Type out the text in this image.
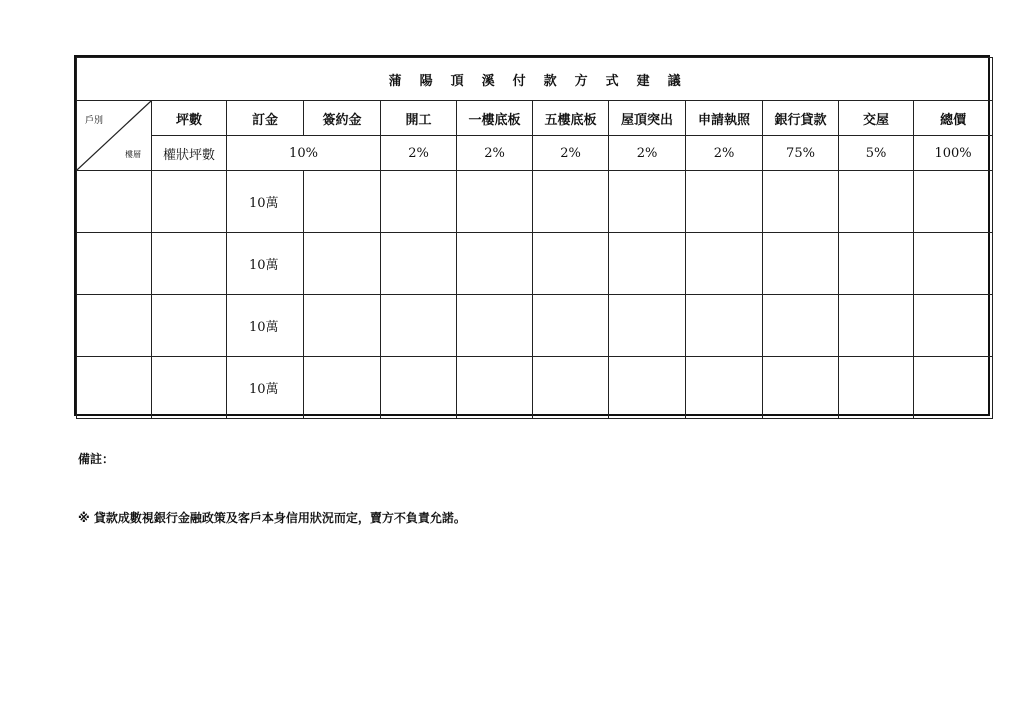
蒲陽頂溪付款方式建議											

戶別
樓層	坪數	訂金	簽約金	開工	一樓底板	五樓底板	屋頂突出	申請執照	銀行貸款	交屋	總價
	權狀坪數	10%		2%	2%	2%	2%	2%	75%	5%	100%
		10萬									
		10萬									
		10萬									
		10萬									
備註：
※ 貸款成數視銀行金融政策及客戶本身信用狀況而定，賣方不負責允諾。
